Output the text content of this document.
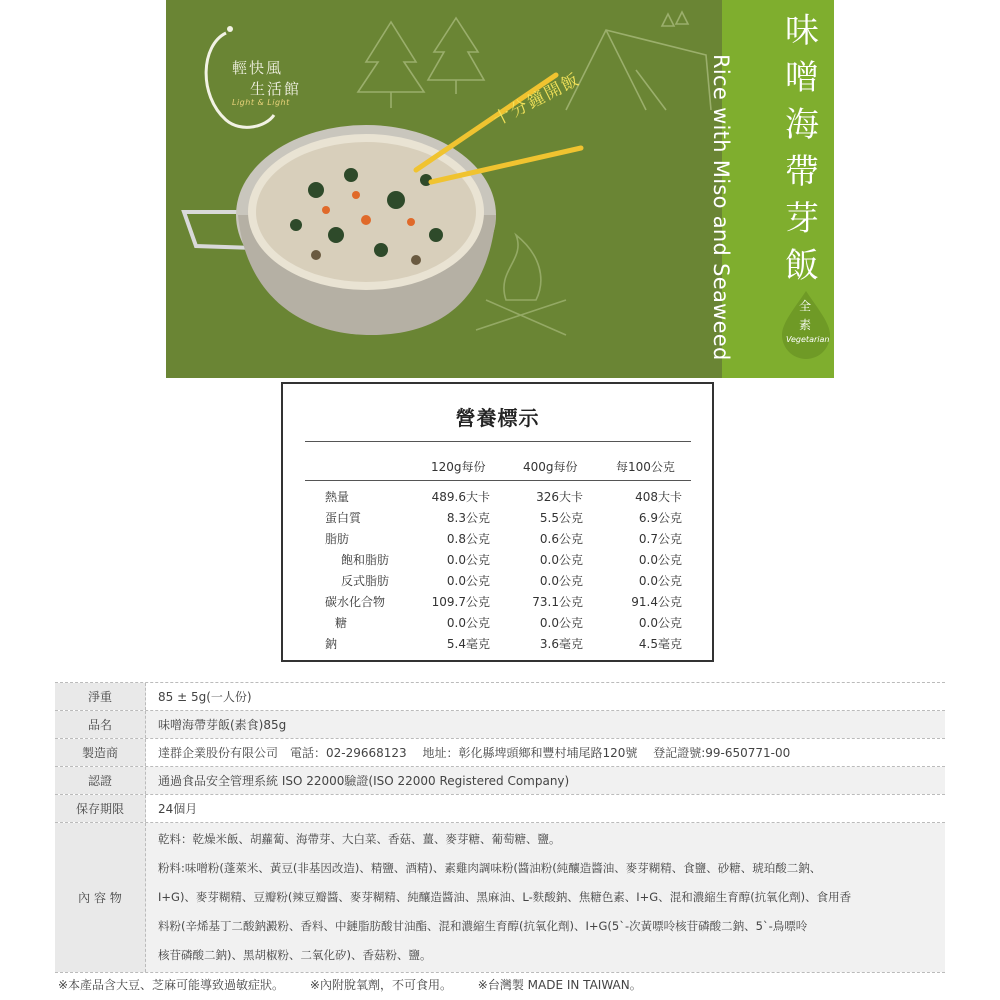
輕快風
生活館
Light & Light	十分鐘開飯
味
噌
海
帶
芽
飯
Rice with Miso and Seaweed	全
素
Vegetarian
營養標示
120g每份	400g每份	每100公克
熱量	489.6大卡	326大卡	408大卡
蛋白質	8.3公克	5.5公克	6.9公克
脂肪	0.8公克	0.6公克	0.7公克
飽和脂肪	0.0公克	0.0公克	0.0公克
反式脂肪	0.0公克	0.0公克	0.0公克
碳水化合物	109.7公克	73.1公克	91.4公克
糖	0.0公克	0.0公克	0.0公克
鈉	5.4毫克	3.6毫克	4.5毫克
淨重	85 ± 5g(一人份)
品名	味噌海帶芽飯(素食)85g
製造商	達群企業股份有限公司　電話：02-29668123　 地址：彰化縣埤頭鄉和豐村埔尾路120號　 登記證號:99-650771-00
認證	通過食品安全管理系統 ISO 22000驗證(ISO 22000 Registered Company)
保存期限	24個月
內 容 物
乾料：乾燥米飯、胡蘿蔔、海帶芽、大白菜、香菇、薑、麥芽糖、葡萄糖、鹽。
粉料:味噌粉(蓬萊米、黃豆(非基因改造)、精鹽、酒精)、素雞肉調味粉(醬油粉(純釀造醬油、麥芽糊精、食鹽、砂糖、琥珀酸二鈉、
I+G)、麥芽糊精、豆瓣粉(辣豆瓣醬、麥芽糊精、純釀造醬油、黑麻油、L-麩酸鈉、焦糖色素、I+G、混和濃縮生育醇(抗氧化劑)、食用香
料粉(辛烯基丁二酸鈉澱粉、香料、中鏈脂肪酸甘油酯、混和濃縮生育醇(抗氧化劑)、I+G(5`-次黃嘌呤核苷磷酸二鈉、5`-鳥嘌呤
核苷磷酸二鈉)、黑胡椒粉、二氧化矽)、香菇粉、鹽。
※本產品含大豆、芝麻可能導致過敏症狀。 ※內附脫氧劑，不可食用。 ※台灣製 MADE IN TAIWAN。
